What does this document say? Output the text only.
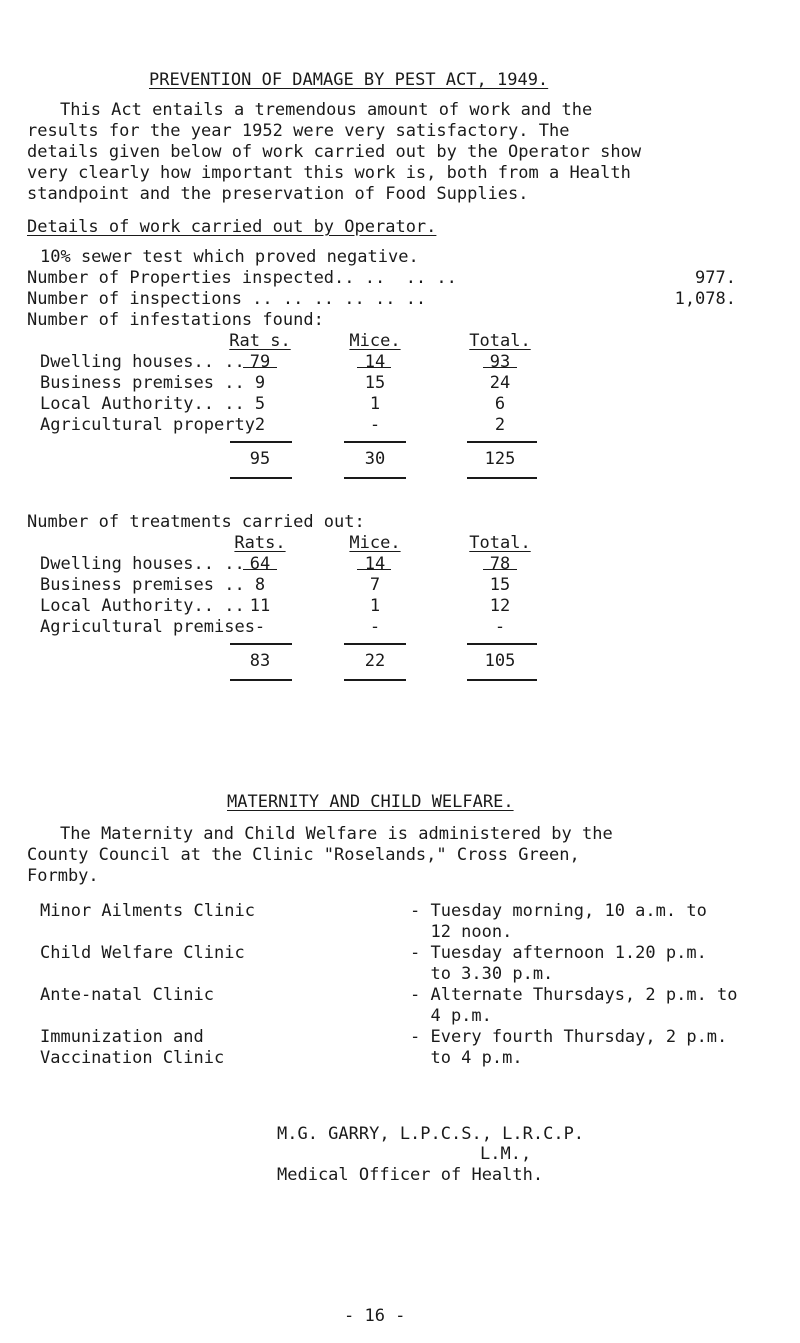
PREVENTION OF DAMAGE BY PEST ACT, 1949.
This Act entails a tremendous amount of work and the
results for the year 1952 were very satisfactory. The
details given below of work carried out by the Operator show
very clearly how important this work is, both from a Health
standpoint and the preservation of Food Supplies.
Details of work carried out by Operator.
10% sewer test which proved negative.
Number of Properties inspected.. ..  .. ..	977.
Number of inspections .. .. .. .. .. ..	1,078.
Number of infestations found:
Rat s.	Mice.	Total.
Dwelling houses.. .. 79	14	93
Business premises .. 9	15	24
Local Authority.. .. 5	1	6
Agricultural property 2	-	2
95	30	125
Number of treatments carried out:
Rats.	Mice.	Total.
Dwelling houses.. .. 64	14	78
Business premises .. 8	7	15
Local Authority.. .. 11	1	12
Agricultural premises -	-	-
83	22	105
MATERNITY AND CHILD WELFARE.
The Maternity and Child Welfare is administered by the
County Council at the Clinic "Roselands," Cross Green,
Formby.
Minor Ailments Clinic	- Tuesday morning, 10 a.m. to
12 noon.
Child Welfare Clinic	- Tuesday afternoon 1.20 p.m.
to 3.30 p.m.
Ante-natal Clinic	- Alternate Thursdays, 2 p.m. to
4 p.m.
Immunization and
Vaccination Clinic
- Every fourth Thursday, 2 p.m.
to 4 p.m.
M.G. GARRY, L.P.C.S., L.R.C.P.
L.M.,
Medical Officer of Health.
- 16 -
